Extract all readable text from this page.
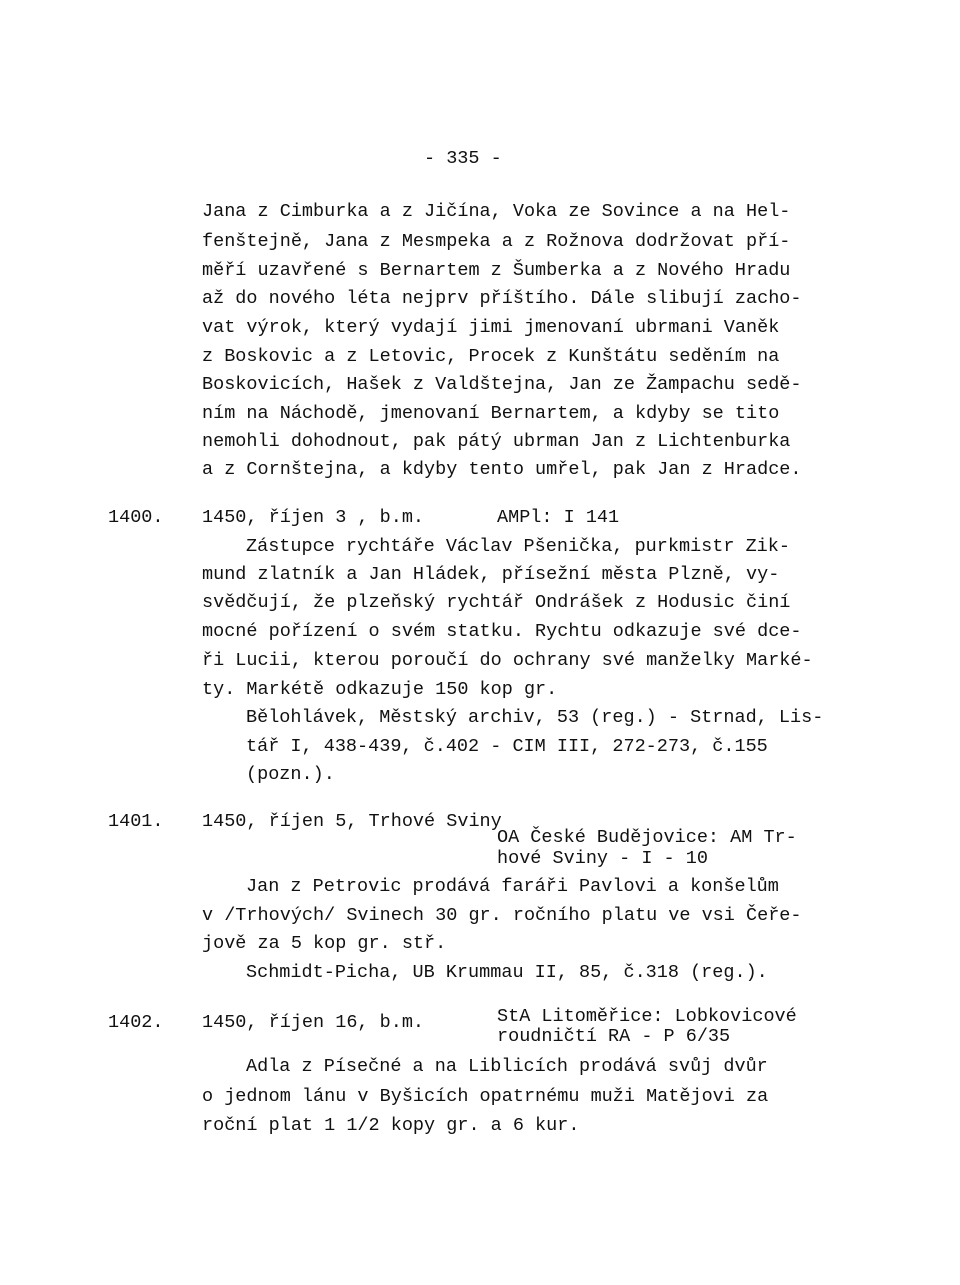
- 335 -
Jana z Cimburka a z Jičína, Voka ze Sovince a na Hel-
fenštejně, Jana z Mesmpeka a z Rožnova dodržovat pří-
měří uzavřené s Bernartem z Šumberka a z Nového Hradu
až do nového léta nejprv příštího. Dále slibují zacho-
vat výrok, který vydají jimi jmenovaní ubrmani Vaněk
z Boskovic a z Letovic, Procek z Kunštátu seděním na
Boskovicích, Hašek z Valdštejna, Jan ze Žampachu sedě-
ním na Náchodě, jmenovaní Bernartem, a kdyby se tito
nemohli dohodnout, pak pátý ubrman Jan z Lichtenburka
a z Cornštejna, a kdyby tento umřel, pak Jan z Hradce.
1400. 1450, říjen 3 , b.m.	AMPl: I 141
Zástupce rychtáře Václav Pšenička, purkmistr Zik-
mund zlatník a Jan Hládek, přísežní města Plzně, vy-
svědčují, že plzeňský rychtář Ondrášek z Hodusic činí
mocné pořízení o svém statku. Rychtu odkazuje své dce-
ři Lucii, kterou poroučí do ochrany své manželky Marké-
ty. Markétě odkazuje 150 kop gr.
Bělohlávek, Městský archiv, 53 (reg.) - Strnad, Lis-
tář I, 438-439, č.402 - CIM III, 272-273, č.155
(pozn.).
1401. 1450, říjen 5, Trhové Sviny
OA České Budějovice: AM Tr-
hové Sviny - I - 10
Jan z Petrovic prodává faráři Pavlovi a konšelům
v /Trhových/ Svinech 30 gr. ročního platu ve vsi Čeře-
jově za 5 kop gr. stř.
Schmidt-Picha, UB Krummau II, 85, č.318 (reg.).
1402. 1450, říjen 16, b.m.	StA Litoměřice: Lobkovicové
roudničtí RA - P 6/35
Adla z Písečné a na Liblicích prodává svůj dvůr
o jednom lánu v Byšicích opatrnému muži Matějovi za
roční plat 1 1/2 kopy gr. a 6 kur.
